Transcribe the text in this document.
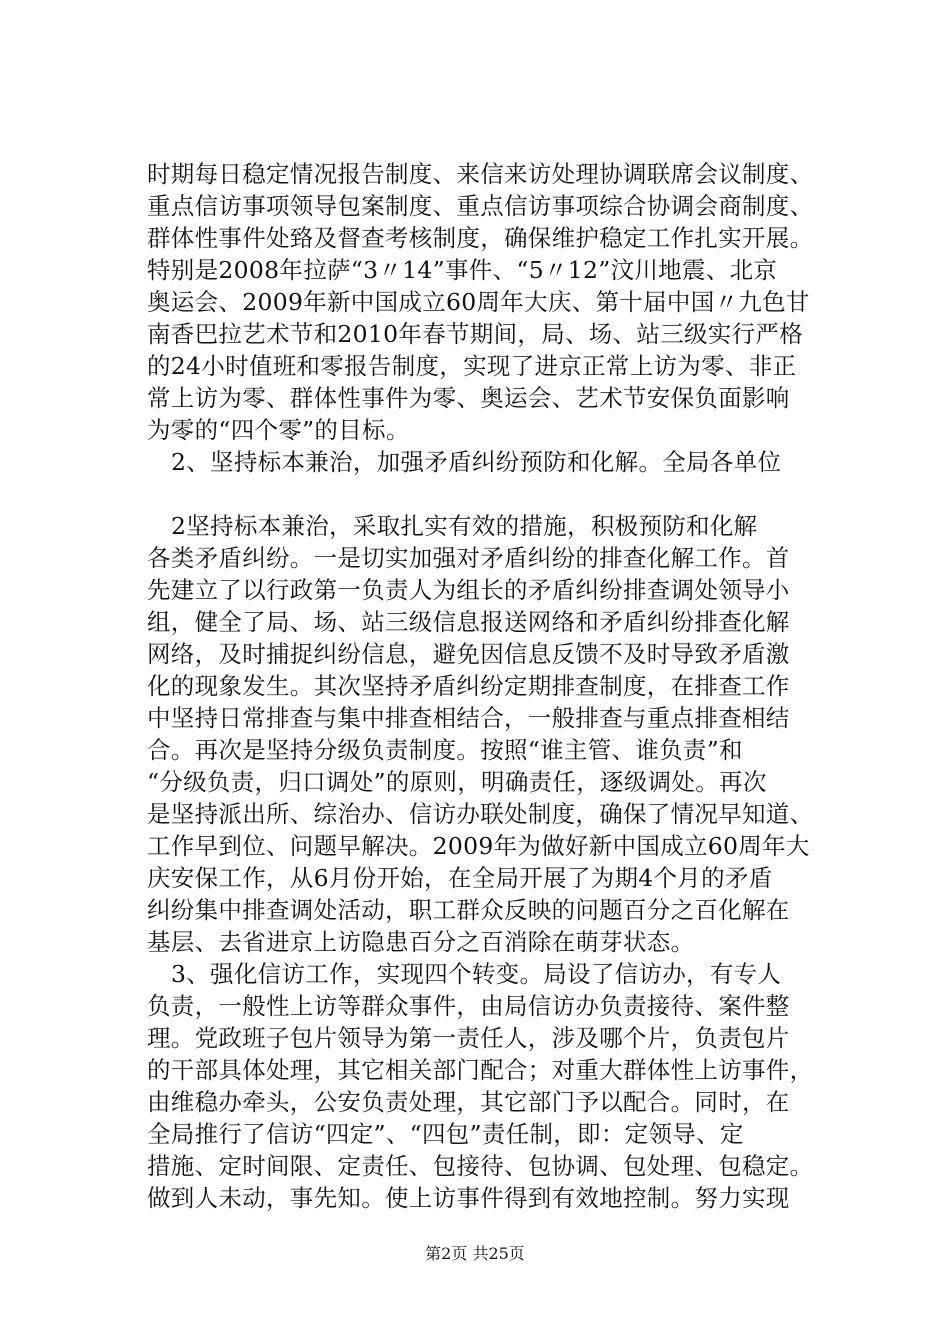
时期每日稳定情况报告制度、来信来访处理协调联席会议制度、
重点信访事项领导包案制度、重点信访事项综合协调会商制度、
群体性事件处臵及督查考核制度，确保维护稳定工作扎实开展。
特别是2008年拉萨“3〃14”事件、“5〃12”汶川地震、北京
奥运会、2009年新中国成立60周年大庆、第十届中国〃九色甘
南香巴拉艺术节和2010年春节期间，局、场、站三级实行严格
的24小时值班和零报告制度，实现了进京正常上访为零、非正
常上访为零、群体性事件为零、奥运会、艺术节安保负面影响
为零的“四个零”的目标。
2、坚持标本兼治，加强矛盾纠纷预防和化解。全局各单位
2坚持标本兼治，采取扎实有效的措施，积极预防和化解
各类矛盾纠纷。一是切实加强对矛盾纠纷的排查化解工作。首
先建立了以行政第一负责人为组长的矛盾纠纷排查调处领导小
组，健全了局、场、站三级信息报送网络和矛盾纠纷排查化解
网络，及时捕捉纠纷信息，避免因信息反馈不及时导致矛盾激
化的现象发生。其次坚持矛盾纠纷定期排查制度，在排查工作
中坚持日常排查与集中排查相结合，一般排查与重点排查相结
合。再次是坚持分级负责制度。按照“谁主管、谁负责”和
“分级负责，归口调处”的原则，明确责任，逐级调处。再次
是坚持派出所、综治办、信访办联处制度，确保了情况早知道、
工作早到位、问题早解决。2009年为做好新中国成立60周年大
庆安保工作，从6月份开始，在全局开展了为期4个月的矛盾
纠纷集中排查调处活动，职工群众反映的问题百分之百化解在
基层、去省进京上访隐患百分之百消除在萌芽状态。
3、强化信访工作，实现四个转变。局设了信访办，有专人
负责，一般性上访等群众事件，由局信访办负责接待、案件整
理。党政班子包片领导为第一责任人，涉及哪个片，负责包片
的干部具体处理，其它相关部门配合；对重大群体性上访事件，
由维稳办牵头，公安负责处理，其它部门予以配合。同时，在
全局推行了信访“四定”、“四包”责任制，即：定领导、定
措施、定时间限、定责任、包接待、包协调、包处理、包稳定。
做到人未动，事先知。使上访事件得到有效地控制。努力实现
第2页 共25页
